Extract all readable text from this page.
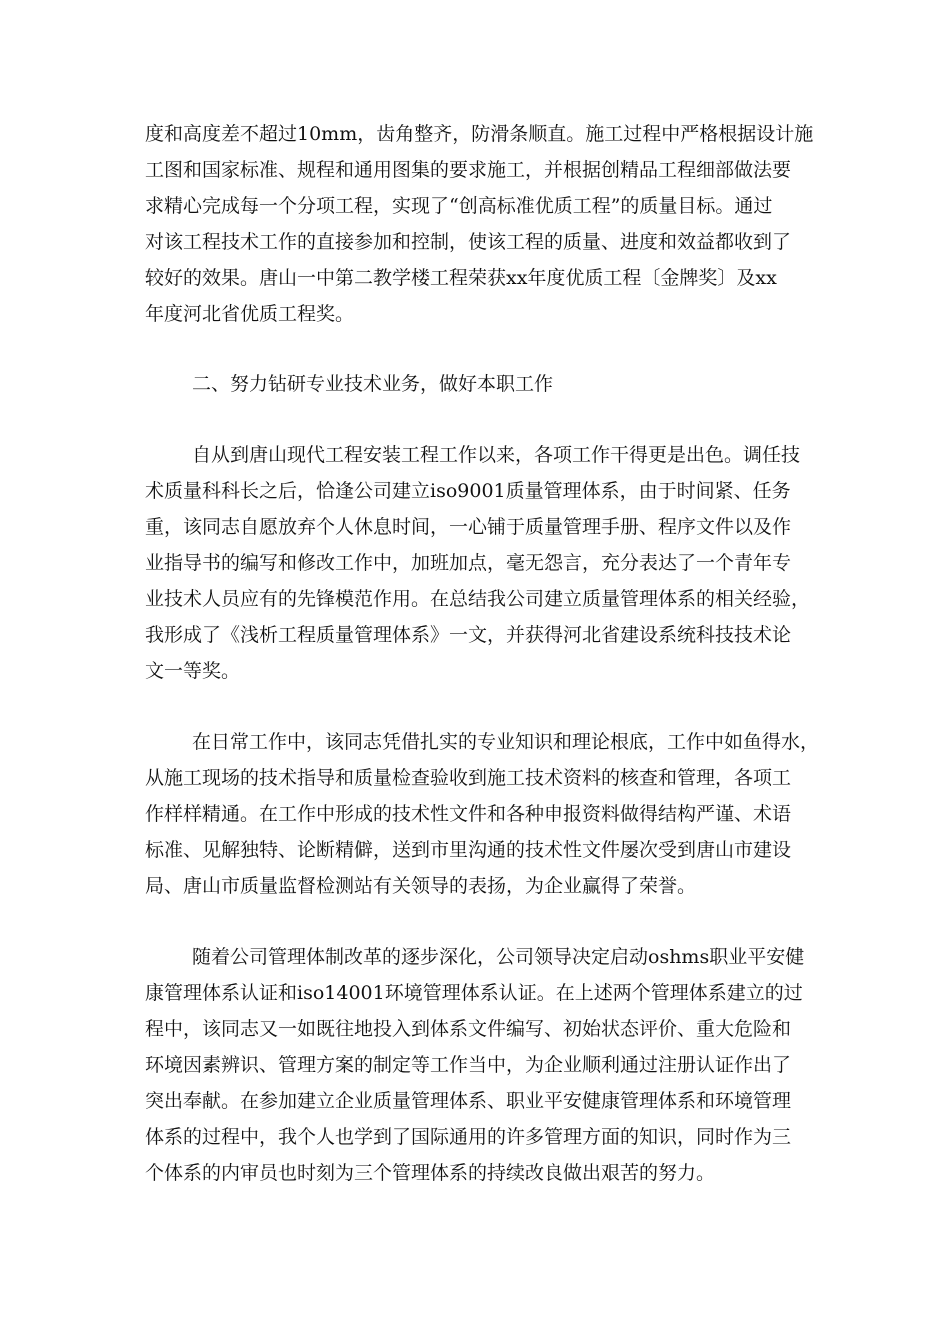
度和高度差不超过10mm，齿角整齐，防滑条顺直。施工过程中严格根据设计施
工图和国家标准、规程和通用图集的要求施工，并根据创精品工程细部做法要
求精心完成每一个分项工程，实现了“创高标准优质工程”的质量目标。通过
对该工程技术工作的直接参加和控制，使该工程的质量、进度和效益都收到了
较好的效果。唐山一中第二教学楼工程荣获xx年度优质工程〔金牌奖〕及xx
年度河北省优质工程奖。
二、努力钻研专业技术业务，做好本职工作
自从到唐山现代工程安装工程工作以来，各项工作干得更是出色。调任技
术质量科科长之后，恰逢公司建立iso9001质量管理体系，由于时间紧、任务
重，该同志自愿放弃个人休息时间，一心铺于质量管理手册、程序文件以及作
业指导书的编写和修改工作中，加班加点，毫无怨言，充分表达了一个青年专
业技术人员应有的先锋模范作用。在总结我公司建立质量管理体系的相关经验，
我形成了《浅析工程质量管理体系》一文，并获得河北省建设系统科技技术论
文一等奖。
在日常工作中，该同志凭借扎实的专业知识和理论根底，工作中如鱼得水，
从施工现场的技术指导和质量检查验收到施工技术资料的核查和管理，各项工
作样样精通。在工作中形成的技术性文件和各种申报资料做得结构严谨、术语
标准、见解独特、论断精僻，送到市里沟通的技术性文件屡次受到唐山市建设
局、唐山市质量监督检测站有关领导的表扬，为企业赢得了荣誉。
随着公司管理体制改革的逐步深化，公司领导决定启动oshms职业平安健
康管理体系认证和iso14001环境管理体系认证。在上述两个管理体系建立的过
程中，该同志又一如既往地投入到体系文件编写、初始状态评价、重大危险和
环境因素辨识、管理方案的制定等工作当中，为企业顺利通过注册认证作出了
突出奉献。在参加建立企业质量管理体系、职业平安健康管理体系和环境管理
体系的过程中，我个人也学到了国际通用的许多管理方面的知识，同时作为三
个体系的内审员也时刻为三个管理体系的持续改良做出艰苦的努力。
